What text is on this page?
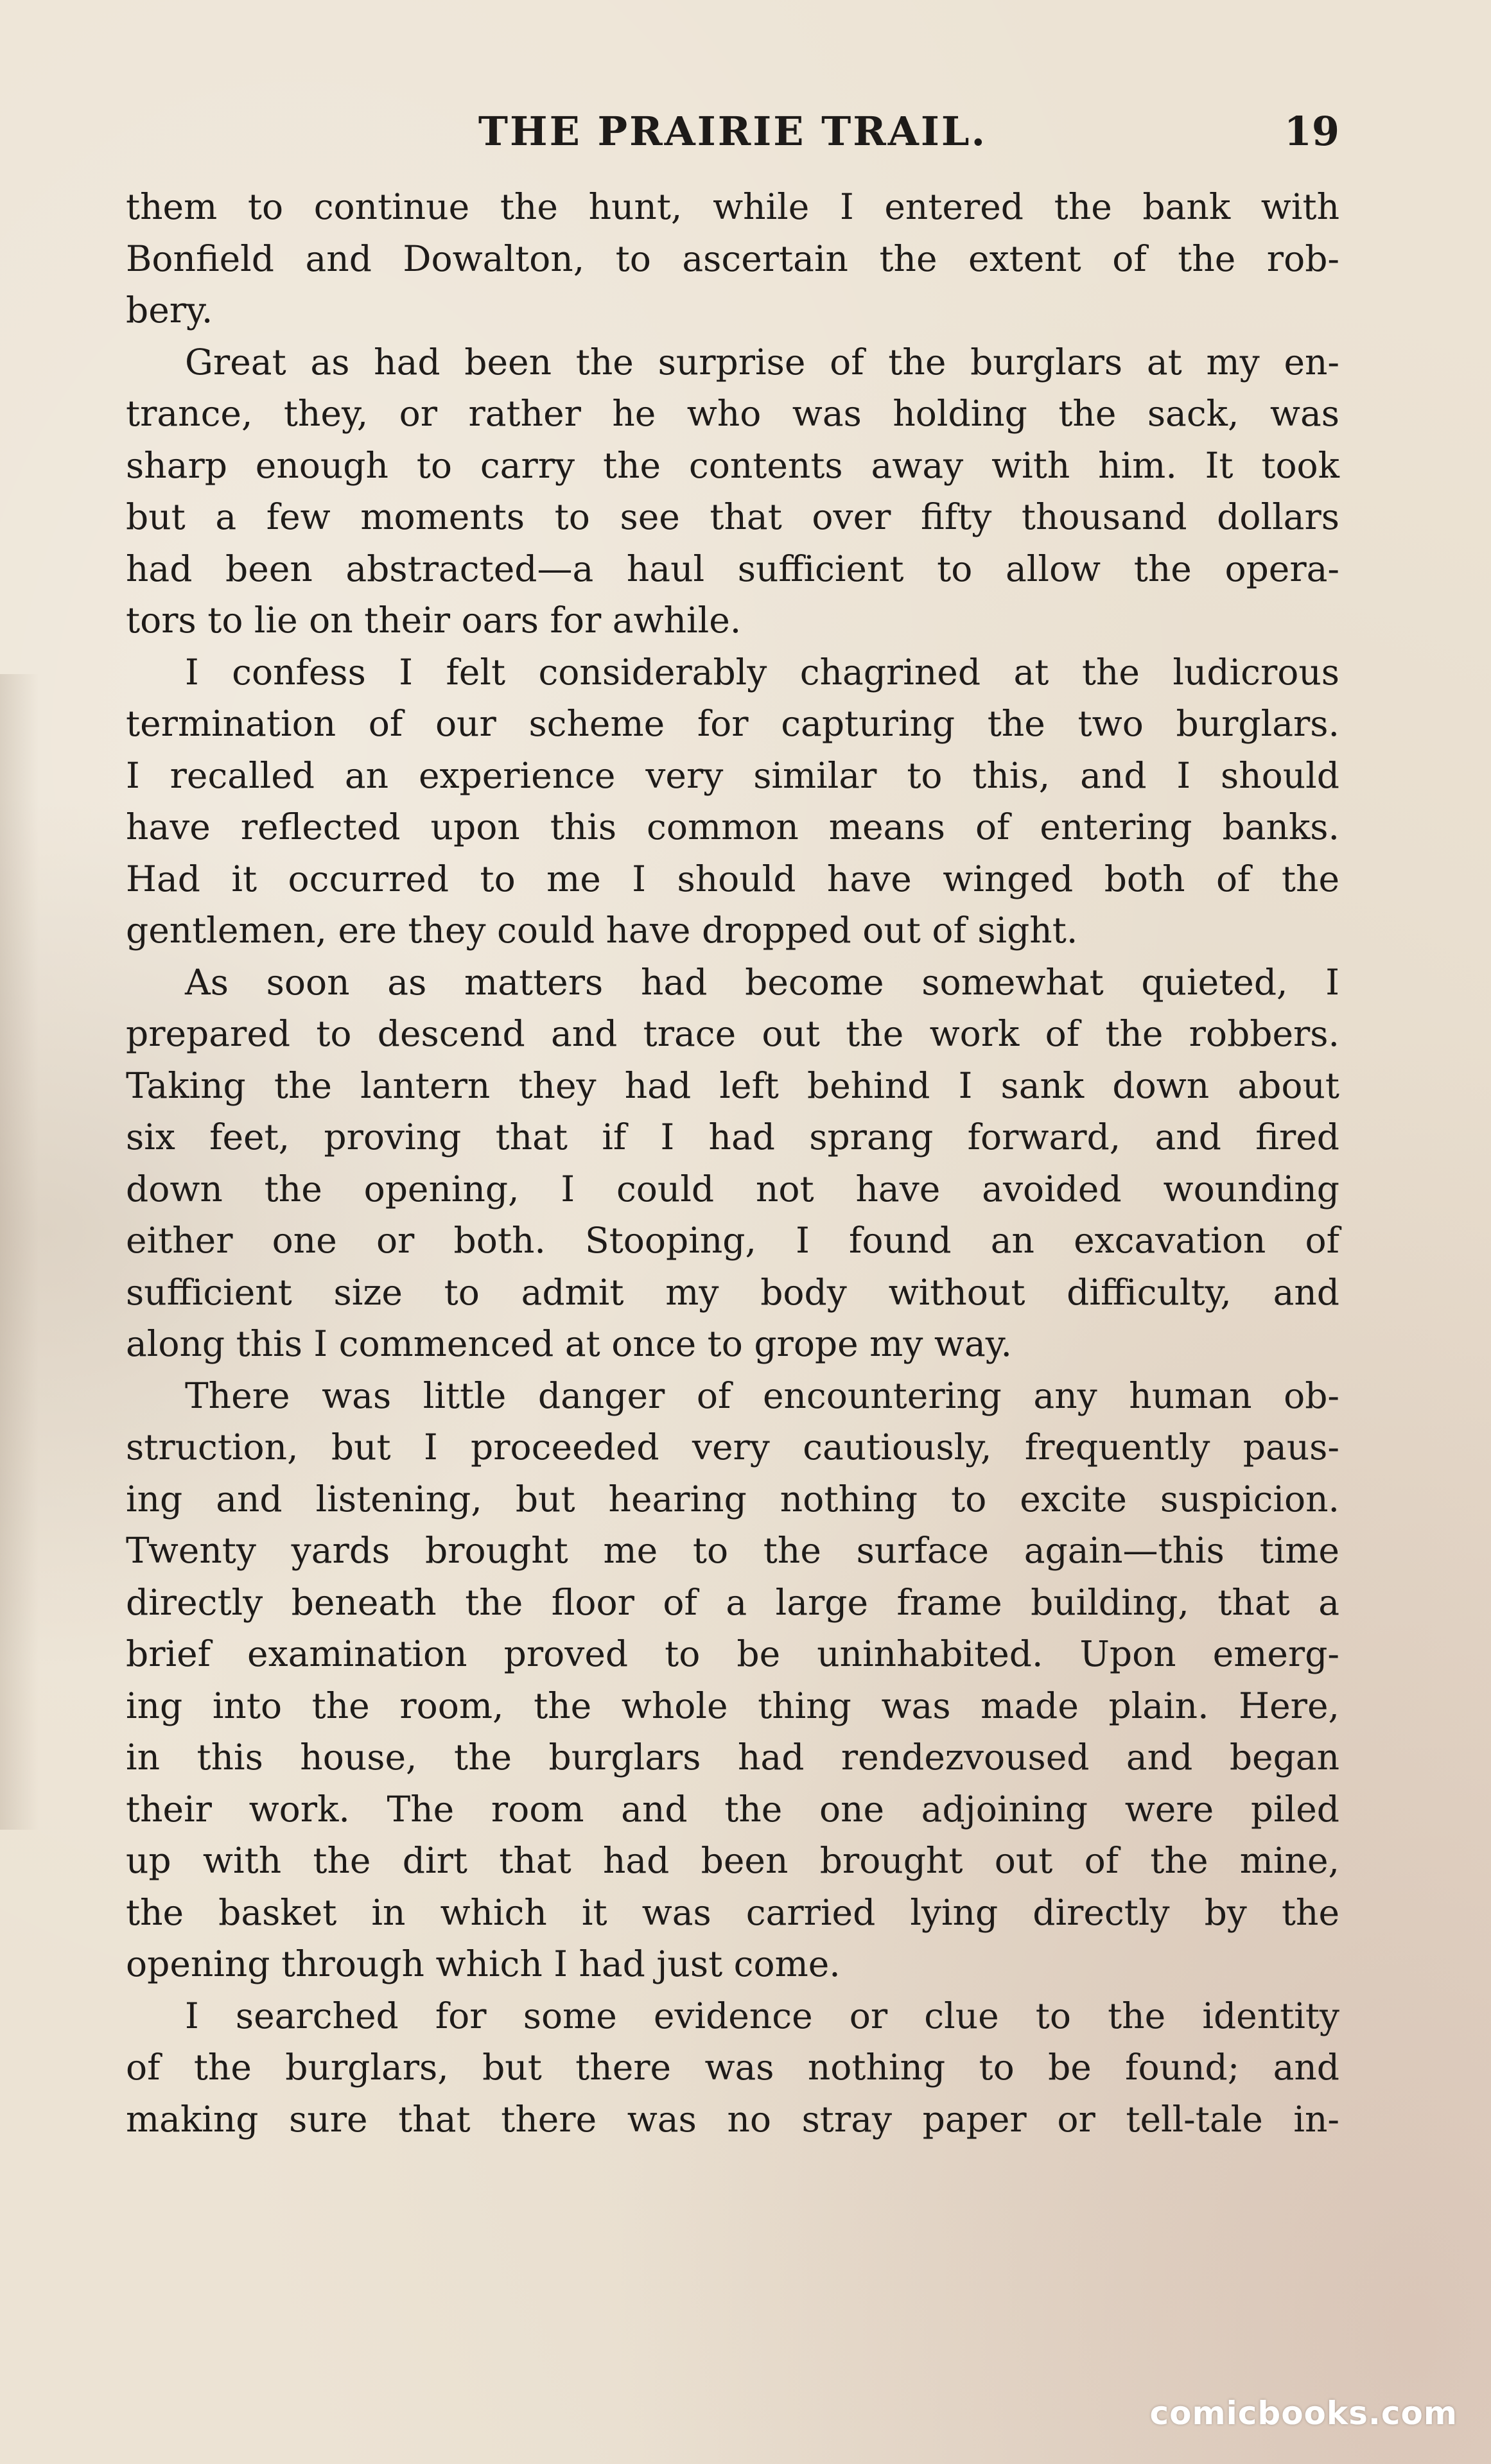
THE PRAIRIE TRAIL.	19
them to continue the hunt, while I entered the bank with
Bonfield and Dowalton, to ascertain the extent of the rob-
bery.
Great as had been the surprise of the burglars at my en-
trance, they, or rather he who was holding the sack, was
sharp enough to carry the contents away with him. It took
but a few moments to see that over fifty thousand dollars
had been abstracted—a haul sufficient to allow the opera-
tors to lie on their oars for awhile.
I confess I felt considerably chagrined at the ludicrous
termination of our scheme for capturing the two burglars.
I recalled an experience very similar to this, and I should
have reflected upon this common means of entering banks.
Had it occurred to me I should have winged both of the
gentlemen, ere they could have dropped out of sight.
As soon as matters had become somewhat quieted, I
prepared to descend and trace out the work of the robbers.
Taking the lantern they had left behind I sank down about
six feet, proving that if I had sprang forward, and fired
down the opening, I could not have avoided wounding
either one or both. Stooping, I found an excavation of
sufficient size to admit my body without difficulty, and
along this I commenced at once to grope my way.
There was little danger of encountering any human ob-
struction, but I proceeded very cautiously, frequently paus-
ing and listening, but hearing nothing to excite suspicion.
Twenty yards brought me to the surface again—this time
directly beneath the floor of a large frame building, that a
brief examination proved to be uninhabited. Upon emerg-
ing into the room, the whole thing was made plain. Here,
in this house, the burglars had rendezvoused and began
their work. The room and the one adjoining were piled
up with the dirt that had been brought out of the mine,
the basket in which it was carried lying directly by the
opening through which I had just come.
I searched for some evidence or clue to the identity
of the burglars, but there was nothing to be found; and
making sure that there was no stray paper or tell-tale in-
comicbooks.com
